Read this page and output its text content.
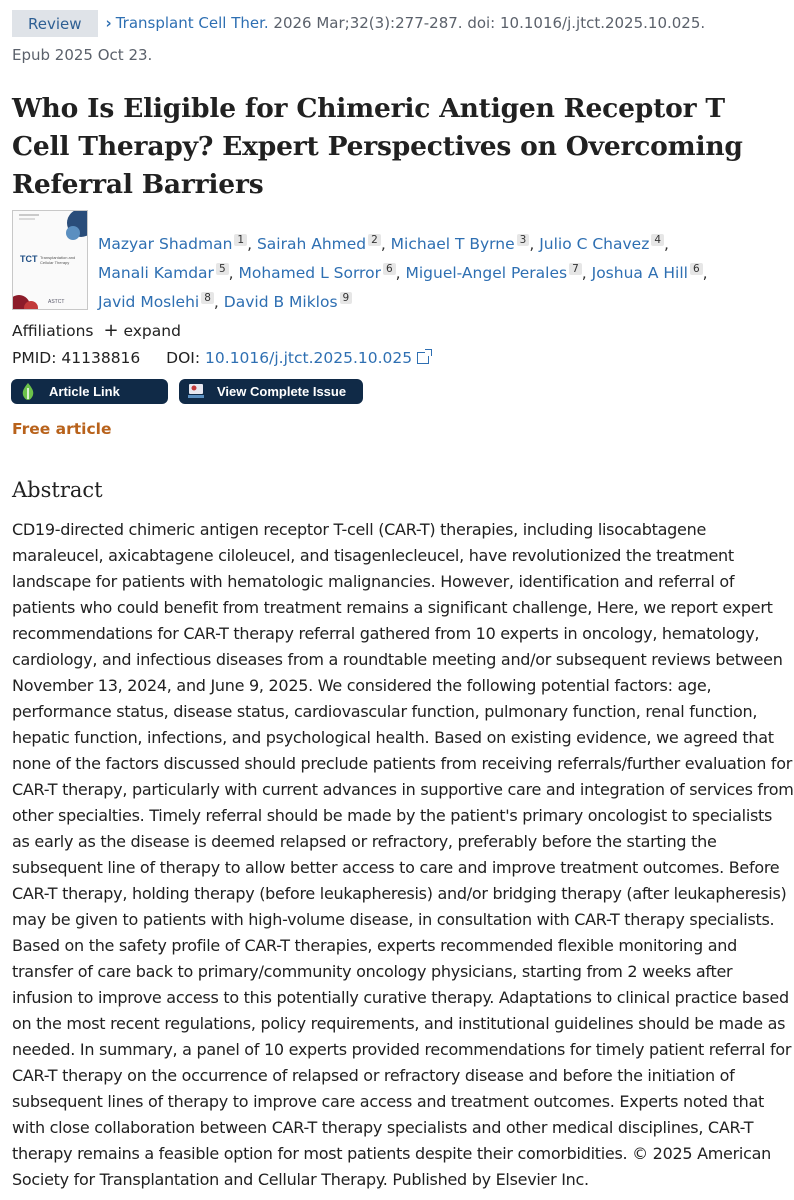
Review › Transplant Cell Ther. 2026 Mar;32(3):277-287. doi: 10.1016/j.jtct.2025.10.025.
Epub 2025 Oct 23.
Who Is Eligible for Chimeric Antigen Receptor T Cell Therapy? Expert Perspectives on Overcoming Referral Barriers
TCT Transplantation and Cellular Therapy
ASTCT
Mazyar Shadman $^1$ , Sairah Ahmed $^2$ , Michael T Byrne $^3$ , Julio C Chavez $^4$ ,
Manali Kamdar $^5$ , Mohamed L Sorror $^6$ , Miguel-Angel Perales $^7$ , Joshua A Hill $^6$ ,
Javid Moslehi $^8$ , David B Miklos $^9$
Affiliations + expand
PMID: 41138816 DOI: 10.1016/j.jtct.2025.10.025
Article Link	View Complete Issue
Free article
Abstract

CD19-directed chimeric antigen receptor T-cell (CAR-T) therapies, including lisocabtagene maraleucel, axicabtagene ciloleucel, and tisagenlecleucel, have revolutionized the treatment landscape for patients with hematologic malignancies. However, identification and referral of patients who could benefit from treatment remains a significant challenge, Here, we report expert recommendations for CAR-T therapy referral gathered from 10 experts in oncology, hematology, cardiology, and infectious diseases from a roundtable meeting and/or subsequent reviews between November 13, 2024, and June 9, 2025. We considered the following potential factors: age, performance status, disease status, cardiovascular function, pulmonary function, renal function, hepatic function, infections, and psychological health. Based on existing evidence, we agreed that none of the factors discussed should preclude patients from receiving referrals/further evaluation for CAR-T therapy, particularly with current advances in supportive care and integration of services from other specialties. Timely referral should be made by the patient's primary oncologist to specialists as early as the disease is deemed relapsed or refractory, preferably before the starting the subsequent line of therapy to allow better access to care and improve treatment outcomes. Before CAR-T therapy, holding therapy (before leukapheresis) and/or bridging therapy (after leukapheresis) may be given to patients with high-volume disease, in consultation with CAR-T therapy specialists. Based on the safety profile of CAR-T therapies, experts recommended flexible monitoring and transfer of care back to primary/community oncology physicians, starting from 2 weeks after infusion to improve access to this potentially curative therapy. Adaptations to clinical practice based on the most recent regulations, policy requirements, and institutional guidelines should be made as needed. In summary, a panel of 10 experts provided recommendations for timely patient referral for CAR-T therapy on the occurrence of relapsed or refractory disease and before the initiation of subsequent lines of therapy to improve care access and treatment outcomes. Experts noted that with close collaboration between CAR-T therapy specialists and other medical disciplines, CAR-T therapy remains a feasible option for most patients despite their comorbidities. © 2025 American Society for Transplantation and Cellular Therapy. Published by Elsevier Inc.
